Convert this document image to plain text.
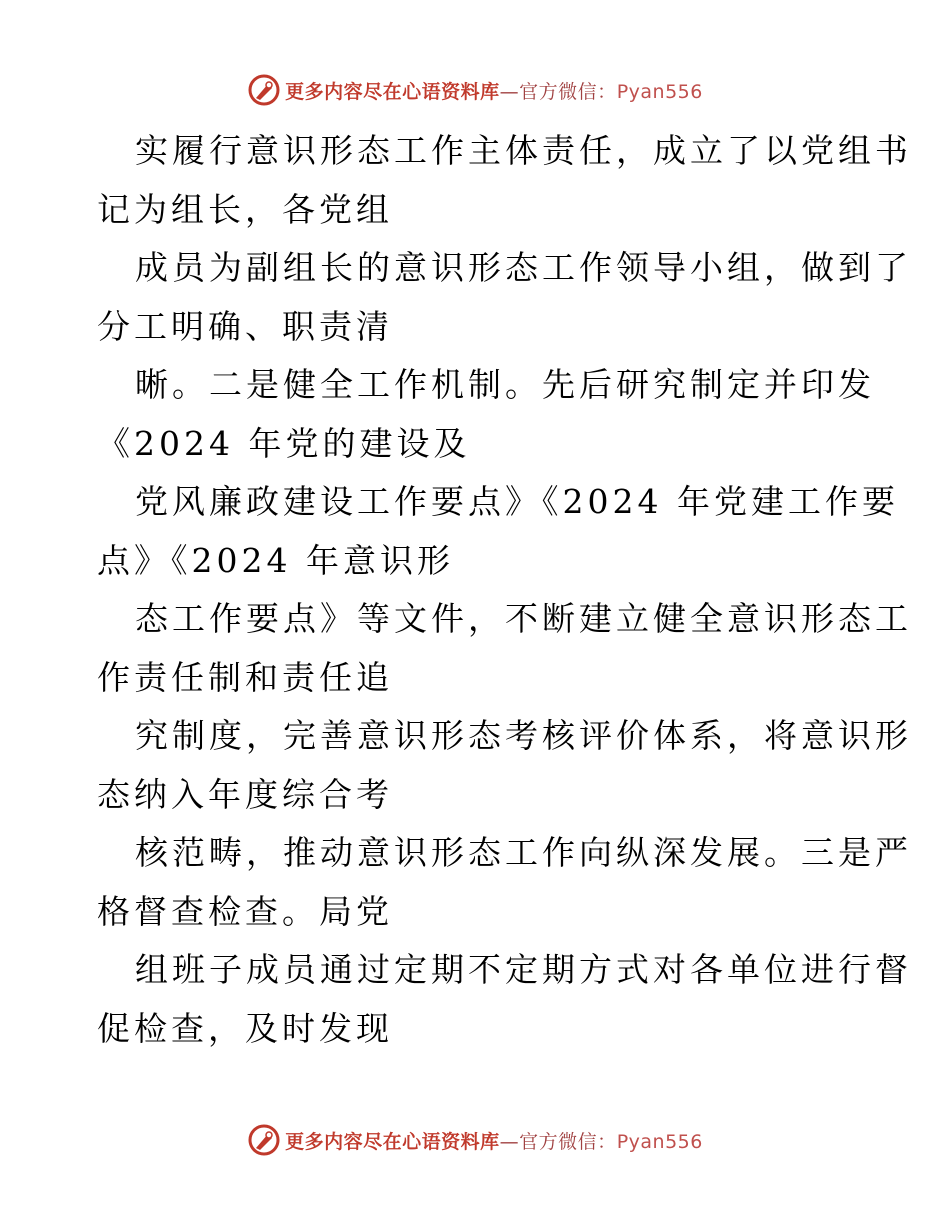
更多内容尽在心语资料库—官方微信：Pyan556
实履行意识形态工作主体责任，成立了以党组书
记为组长，各党组
成员为副组长的意识形态工作领导小组，做到了
分工明确、职责清
晰。二是健全工作机制。先后研究制定并印发
《2024 年党的建设及
党风廉政建设工作要点》《2024 年党建工作要
点》《2024 年意识形
态工作要点》等文件，不断建立健全意识形态工
作责任制和责任追
究制度，完善意识形态考核评价体系，将意识形
态纳入年度综合考
核范畴，推动意识形态工作向纵深发展。三是严
格督查检查。局党
组班子成员通过定期不定期方式对各单位进行督
促检查，及时发现
更多内容尽在心语资料库—官方微信：Pyan556
